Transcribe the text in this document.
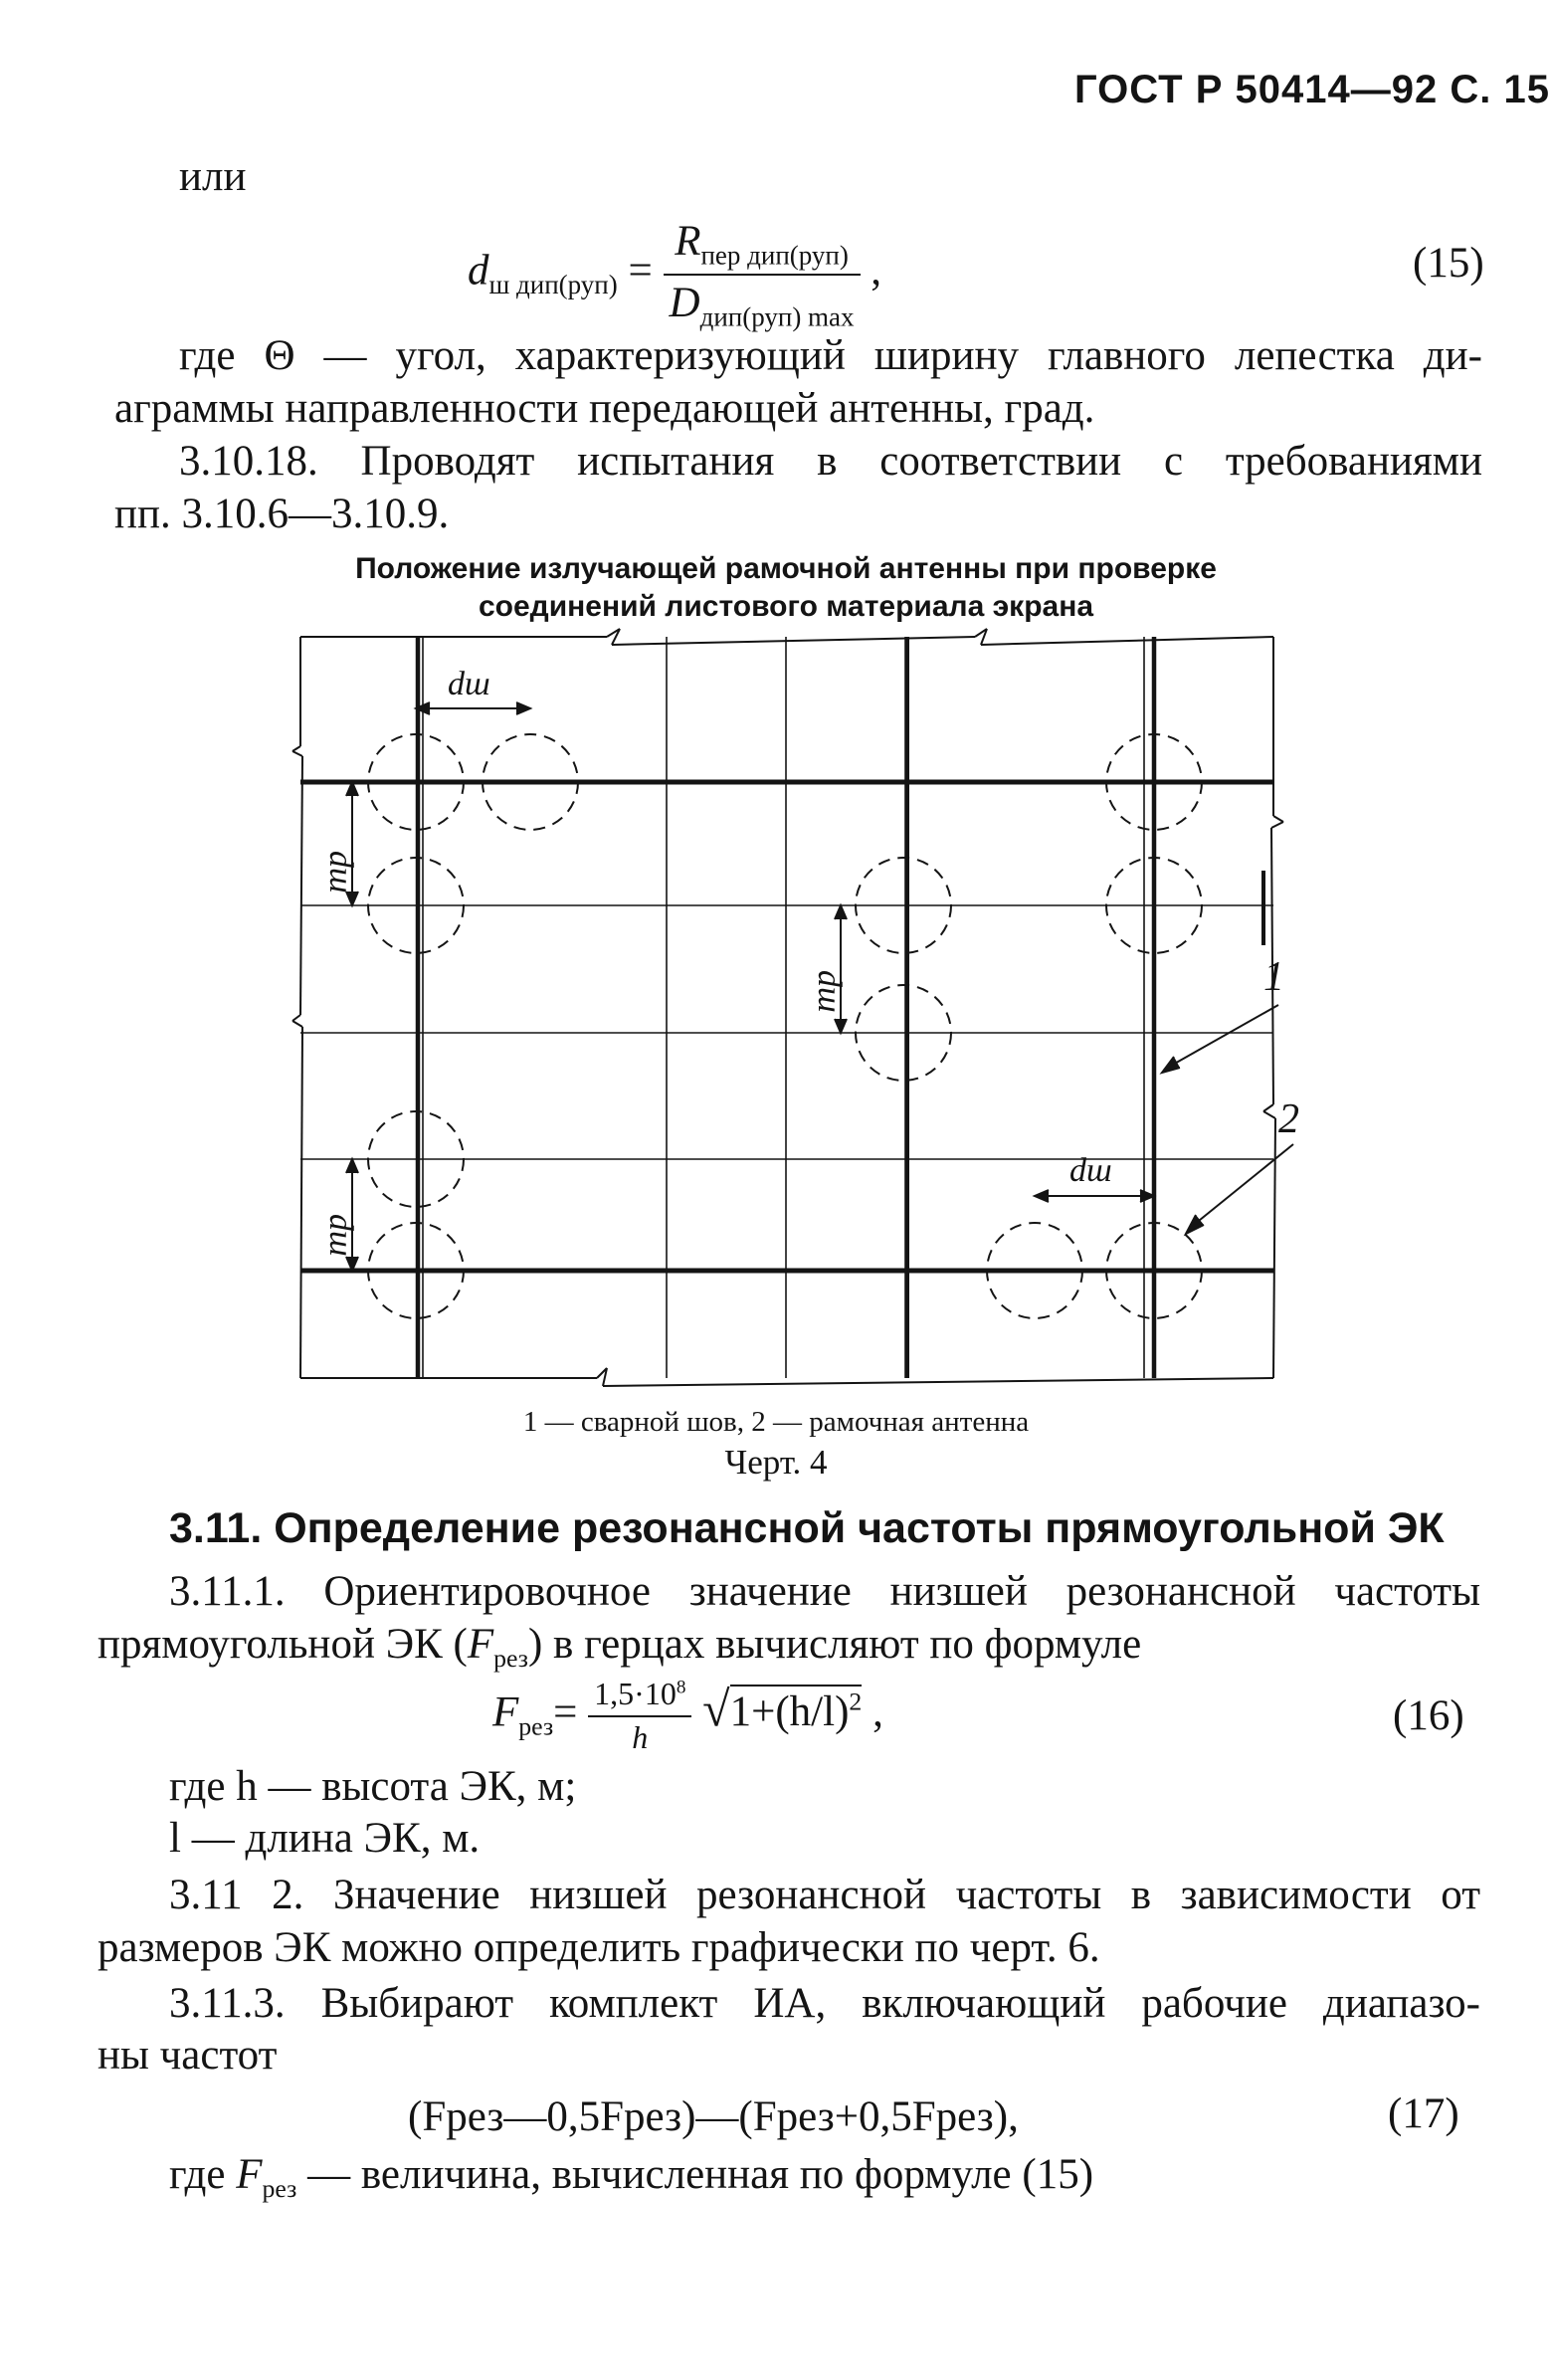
ГОСТ Р 50414—92 С. 15
или
$d_{ш дип(руп)} = \frac{R_{пер дип(руп)}}{D_{дип(руп) max}}$ ,	(15)
где Θ — угол, характеризующий ширину главного лепестка ди-
аграммы направленности передающей антенны, град.
3.10.18. Проводят испытания в соответствии с требованиями
пп. 3.10.6—3.10.9.
Положение излучающей рамочной антенны при проверке
соединений листового материала экрана
dш
dш
dш
dш
dш
1
2
1 — сварной шов, 2 — рамочная антенна
Черт. 4
3.11. Определение резонансной частоты прямоугольной ЭК
3.11.1. Ориентировочное значение низшей резонансной частоты
прямоугольной ЭК $(F_{рез})$ в герцах вычисляют по формуле
$F_{рез}= \frac{1,5\cdot 10^8}{h} √1+(h/l)^2$ ,	(16)
где h — высота ЭК, м;
l — длина ЭК, м.
3.11 2. Значение низшей резонансной частоты в зависимости от
размеров ЭК можно определить графически по черт. 6.
3.11.3. Выбирают комплект ИА, включающий рабочие диапазо-
ны частот
(Fрез—0,5Fрез)—(Fрез+0,5Fрез),	(17)
где $F_{рез}$ — величина, вычисленная по формуле (15)
